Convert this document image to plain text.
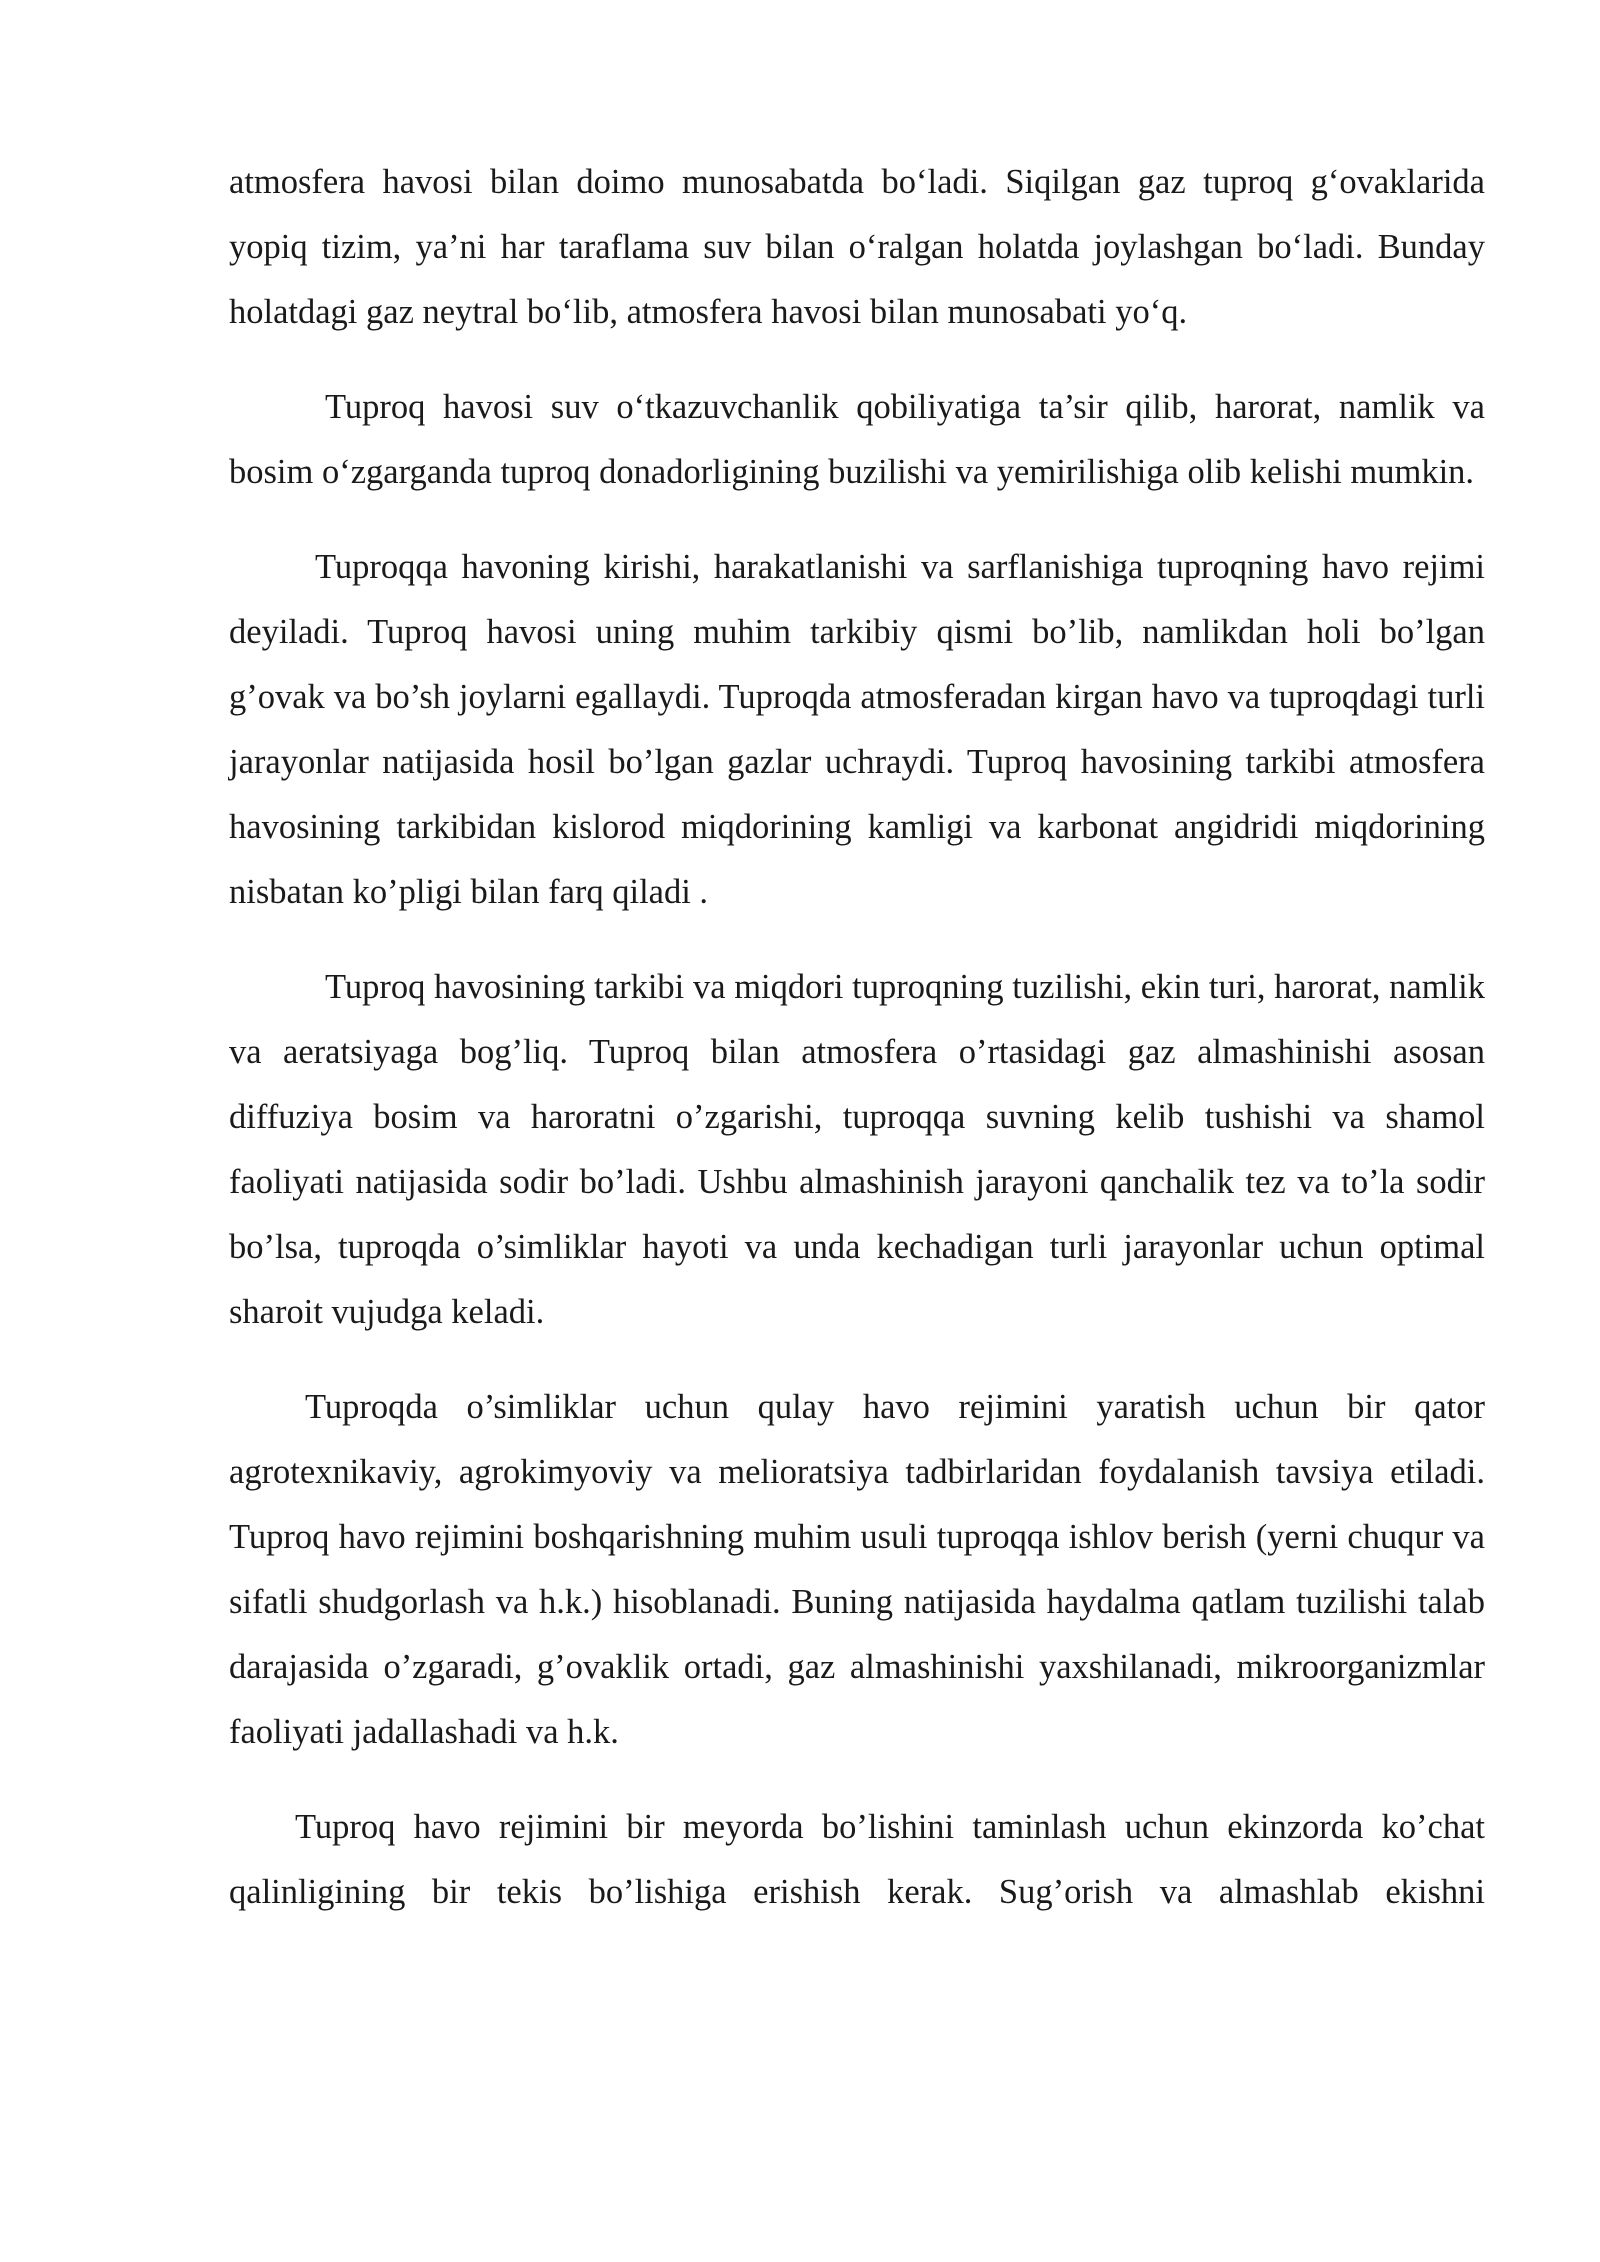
atmosfera havosi bilan doimo munosabatda bo‘ladi. Siqilgan gaz tuproq g‘ovaklarida yopiq tizim, ya’ni har taraflama suv bilan o‘ralgan holatda joylashgan bo‘ladi. Bunday holatdagi gaz neytral bo‘lib, atmosfera havosi bilan munosabati yo‘q.

Tuproq havosi suv o‘tkazuvchanlik qobiliyatiga ta’sir qilib, harorat, namlik va bosim o‘zgarganda tuproq donadorligining buzilishi va yemirilishiga olib kelishi mumkin.

Tuproqqa havoning kirishi, harakatlanishi va sarflanishiga tuproqning havo rejimi deyiladi. Tuproq havosi uning muhim tarkibiy qismi bo’lib, namlikdan holi bo’lgan g’ovak va bo’sh joylarni egallaydi. Tuproqda atmosferadan kirgan havo va tuproqdagi turli jarayonlar natijasida hosil bo’lgan gazlar uchraydi. Tuproq havosining tarkibi atmosfera havosining tarkibidan kislorod miqdorining kamligi va karbonat angidridi miqdorining nisbatan ko’pligi bilan farq qiladi .

Tuproq havosining tarkibi va miqdori tuproqning tuzilishi, ekin turi, harorat, namlik va aeratsiyaga bog’liq. Tuproq bilan atmosfera o’rtasidagi gaz almashinishi asosan diffuziya bosim va haroratni o’zgarishi, tuproqqa suvning kelib tushishi va shamol faoliyati natijasida sodir bo’ladi. Ushbu almashinish jarayoni qanchalik tez va to’la sodir bo’lsa, tuproqda o’simliklar hayoti va unda kechadigan turli jarayonlar uchun optimal sharoit vujudga keladi.

Tuproqda o’simliklar uchun qulay havo rejimini yaratish uchun bir qator agrotexnikaviy, agrokimyoviy va melioratsiya tadbirlaridan foydalanish tavsiya etiladi. Tuproq havo rejimini boshqarishning muhim usuli tuproqqa ishlov berish (yerni chuqur va sifatli shudgorlash va h.k.) hisoblanadi. Buning natijasida haydalma qatlam tuzilishi talab darajasida o’zgaradi, g’ovaklik ortadi, gaz almashinishi yaxshilanadi, mikroorganizmlar faoliyati jadallashadi va h.k.

Tuproq havo rejimini bir meyorda bo’lishini taminlash uchun ekinzorda ko’chat qalinligining bir tekis bo’lishiga erishish kerak. Sug’orish va almashlab ekishni
